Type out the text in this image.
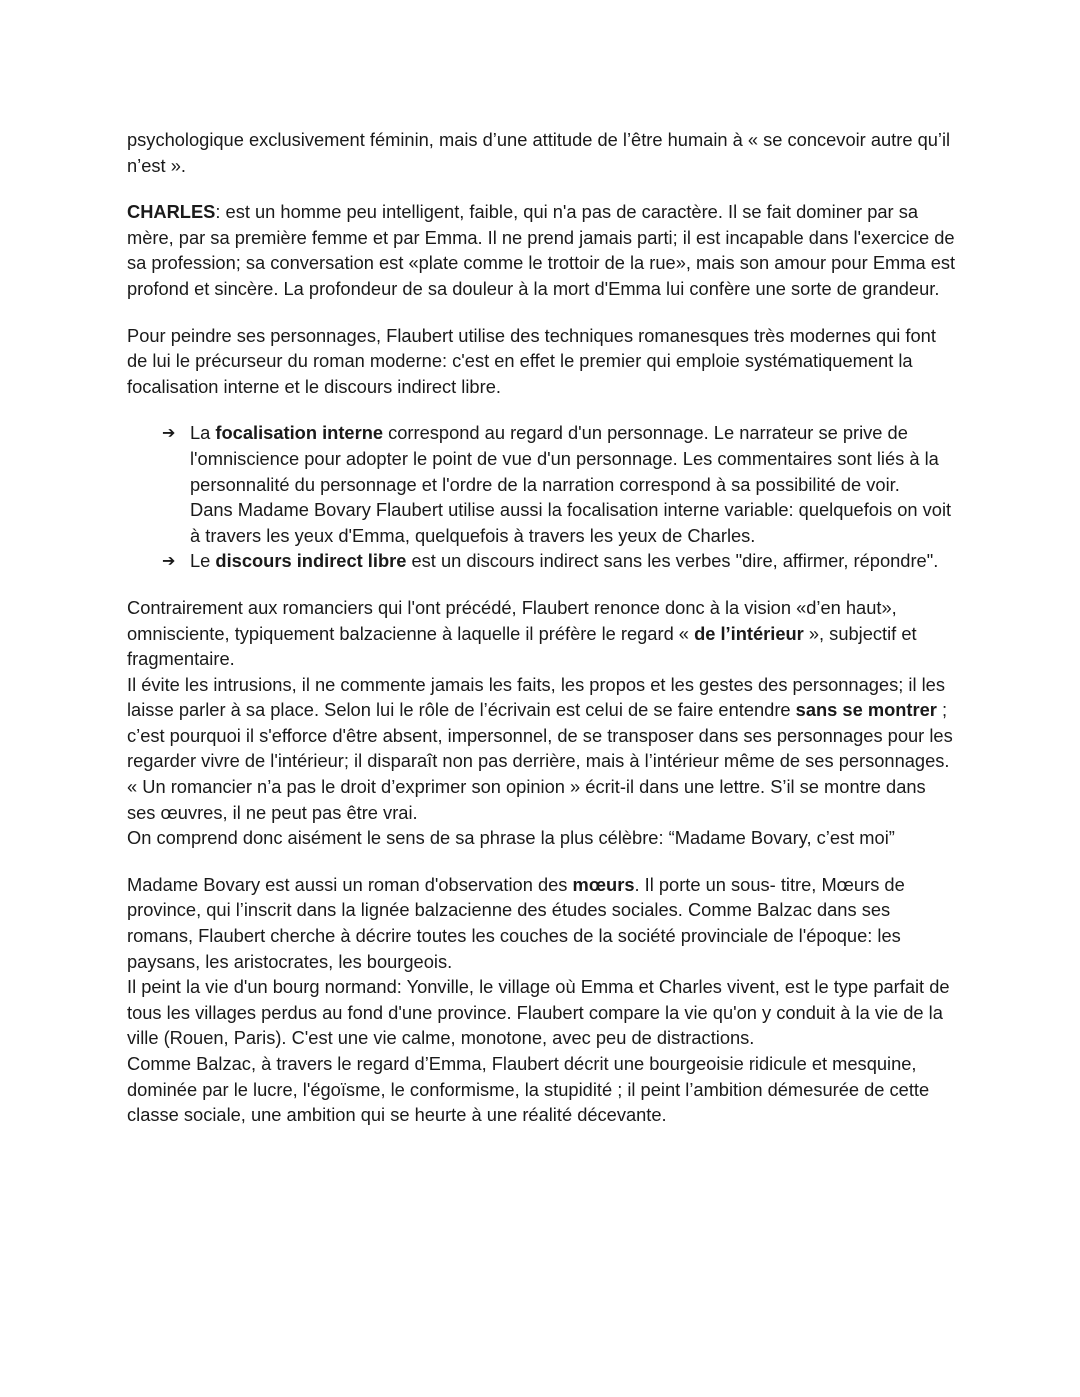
psychologique exclusivement féminin, mais d’une attitude de l’être humain à « se concevoir autre qu’il n’est ».

CHARLES: est un homme peu intelligent, faible, qui n'a pas de caractère. Il se fait dominer par sa mère, par sa première femme et par Emma. Il ne prend jamais parti; il est incapable dans l'exercice de sa profession; sa conversation est «plate comme le trottoir de la rue», mais son amour pour Emma est profond et sincère. La profondeur de sa douleur à la mort d'Emma lui confère une sorte de grandeur.

Pour peindre ses personnages, Flaubert utilise des techniques romanesques très modernes qui font de lui le précurseur du roman moderne: c'est en effet le premier qui emploie systématiquement la focalisation interne et le discours indirect libre.

➔ La focalisation interne correspond au regard d'un personnage. Le narrateur se prive de l'omniscience pour adopter le point de vue d'un personnage. Les commentaires sont liés à la personnalité du personnage et l'ordre de la narration correspond à sa possibilité de voir.

Dans Madame Bovary Flaubert utilise aussi la focalisation interne variable: quelquefois on voit à travers les yeux d'Emma, quelquefois à travers les yeux de Charles.

➔ Le discours indirect libre est un discours indirect sans les verbes "dire, affirmer, répondre".

Contrairement aux romanciers qui l'ont précédé, Flaubert renonce donc à la vision «d’en haut», omnisciente, typiquement balzacienne à laquelle il préfère le regard « de l’intérieur », subjectif et fragmentaire.

Il évite les intrusions, il ne commente jamais les faits, les propos et les gestes des personnages; il les laisse parler à sa place. Selon lui le rôle de l’écrivain est celui de se faire entendre sans se montrer ; c’est pourquoi il s'efforce d'être absent, impersonnel, de se transposer dans ses personnages pour les regarder vivre de l'intérieur; il disparaît non pas derrière, mais à l’intérieur même de ses personnages. « Un romancier n’a pas le droit d’exprimer son opinion » écrit-il dans une lettre. S’il se montre dans ses œuvres, il ne peut pas être vrai.

On comprend donc aisément le sens de sa phrase la plus célèbre: “Madame Bovary, c’est moi”

Madame Bovary est aussi un roman d'observation des mœurs. Il porte un sous- titre, Mœurs de province, qui l’inscrit dans la lignée balzacienne des études sociales. Comme Balzac dans ses romans, Flaubert cherche à décrire toutes les couches de la société provinciale de l'époque: les paysans, les aristocrates, les bourgeois.

Il peint la vie d'un bourg normand: Yonville, le village où Emma et Charles vivent, est le type parfait de tous les villages perdus au fond d'une province. Flaubert compare la vie qu'on y conduit à la vie de la ville (Rouen, Paris). C'est une vie calme, monotone, avec peu de distractions.

Comme Balzac, à travers le regard d’Emma, Flaubert décrit une bourgeoisie ridicule et mesquine, dominée par le lucre, l'égoïsme, le conformisme, la stupidité ; il peint l’ambition démesurée de cette classe sociale, une ambition qui se heurte à une réalité décevante.
